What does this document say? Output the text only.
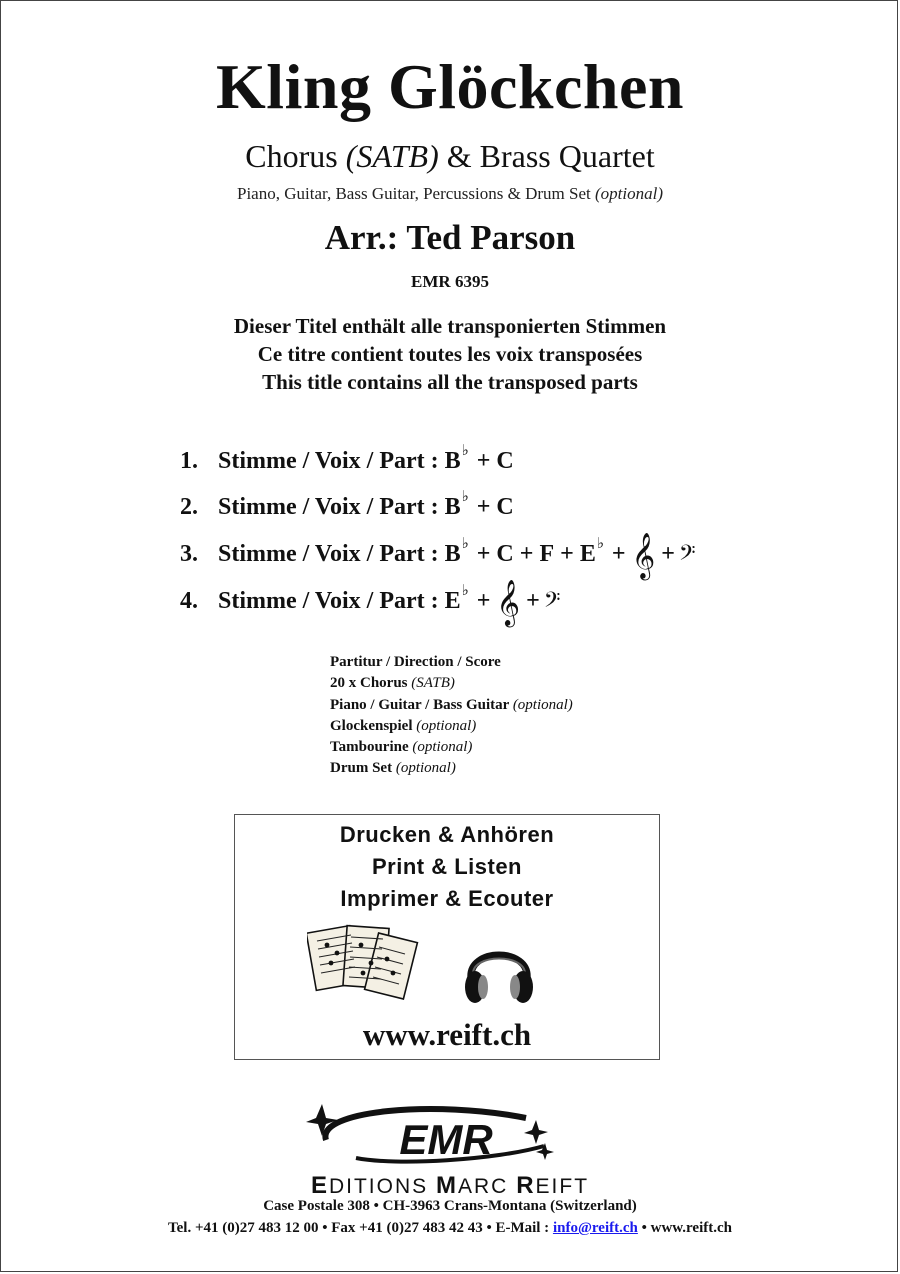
Kling Glöckchen
Chorus (SATB) & Brass Quartet
Piano, Guitar, Bass Guitar, Percussions & Drum Set (optional)
Arr.: Ted Parson
EMR 6395
Dieser Titel enthält alle transponierten Stimmen
Ce titre contient toutes les voix transposées
This title contains all the transposed parts
1. Stimme / Voix / Part :
B ♭
+
C
2. Stimme / Voix / Part :
B ♭
+
C
3. Stimme / Voix / Part :
B ♭
+
C
+
F
+
E ♭
+ 𝄞 + 𝄢
4. Stimme / Voix / Part :
E ♭
+ 𝄞 + 𝄢
Partitur / Direction / Score
20 x Chorus (SATB)
Piano / Guitar / Bass Guitar (optional)
Glockenspiel (optional)
Tambourine (optional)
Drum Set (optional)
Drucken & Anhören
Print & Listen
Imprimer & Ecouter
www.reift.ch
EMR
EDITIONS MARC REIFT
Case Postale 308 • CH-3963 Crans-Montana (Switzerland)
Tel. +41 (0)27 483 12 00 • Fax +41 (0)27 483 42 43 • E-Mail : info@reift.ch • www.reift.ch
